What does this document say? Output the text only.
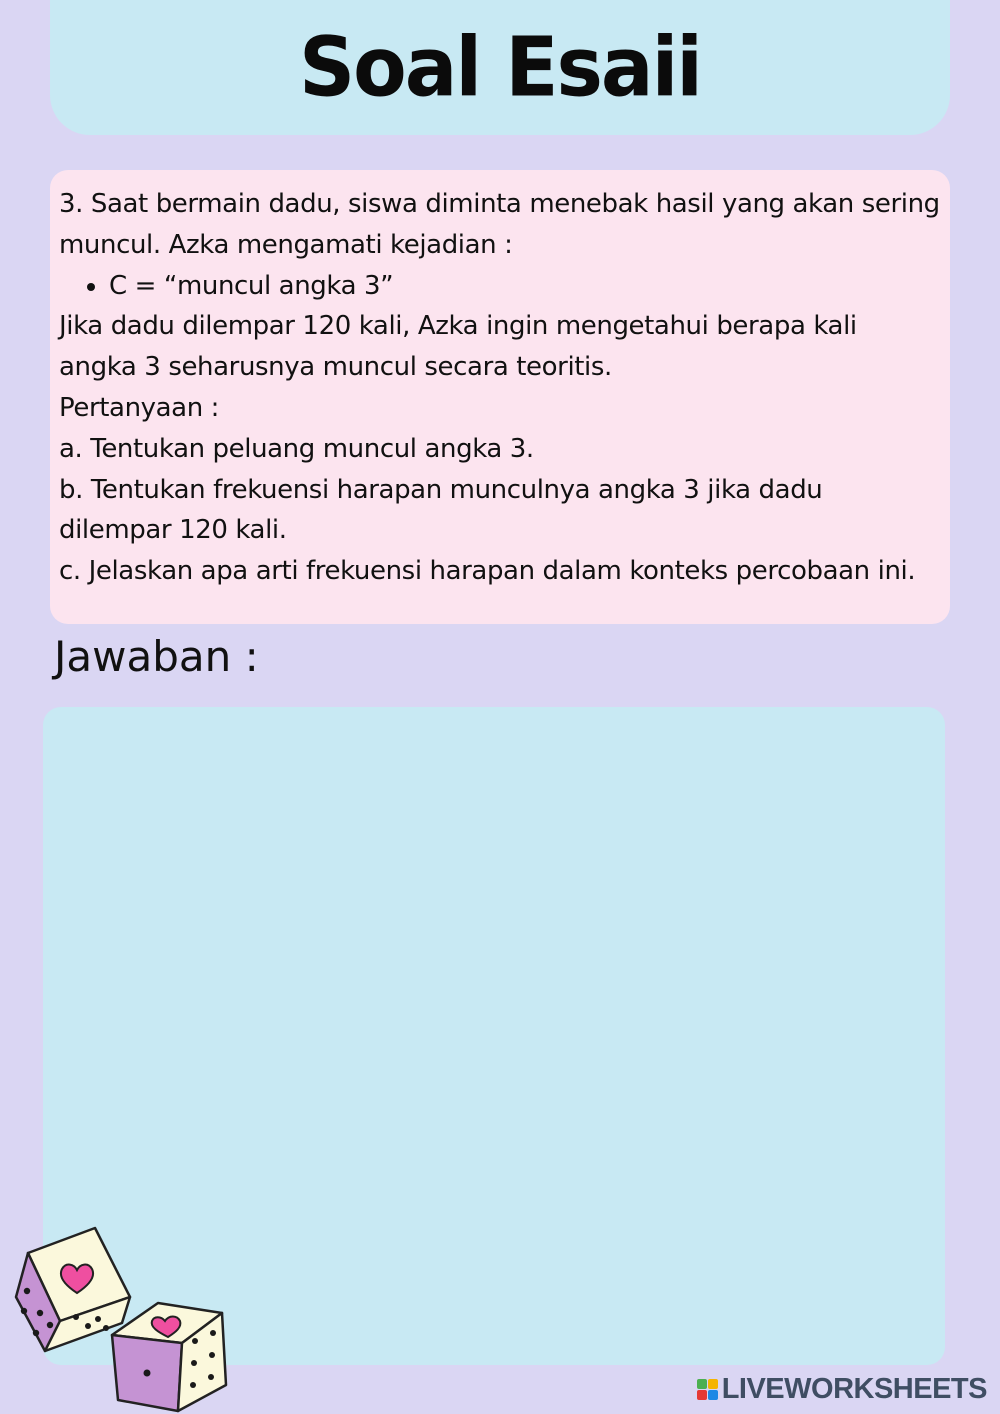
Soal Esaii

3. Saat bermain dadu, siswa diminta menebak hasil yang akan sering

muncul. Azka mengamati kejadian :

• C = “muncul angka 3”

Jika dadu dilempar 120 kali, Azka ingin mengetahui berapa kali

angka 3 seharusnya muncul secara teoritis.

Pertanyaan :

a. Tentukan peluang muncul angka 3.

b. Tentukan frekuensi harapan munculnya angka 3 jika dadu

dilempar 120 kali.

c. Jelaskan apa arti frekuensi harapan dalam konteks percobaan ini.

Jawaban :
LIVEWORKSHEETS
